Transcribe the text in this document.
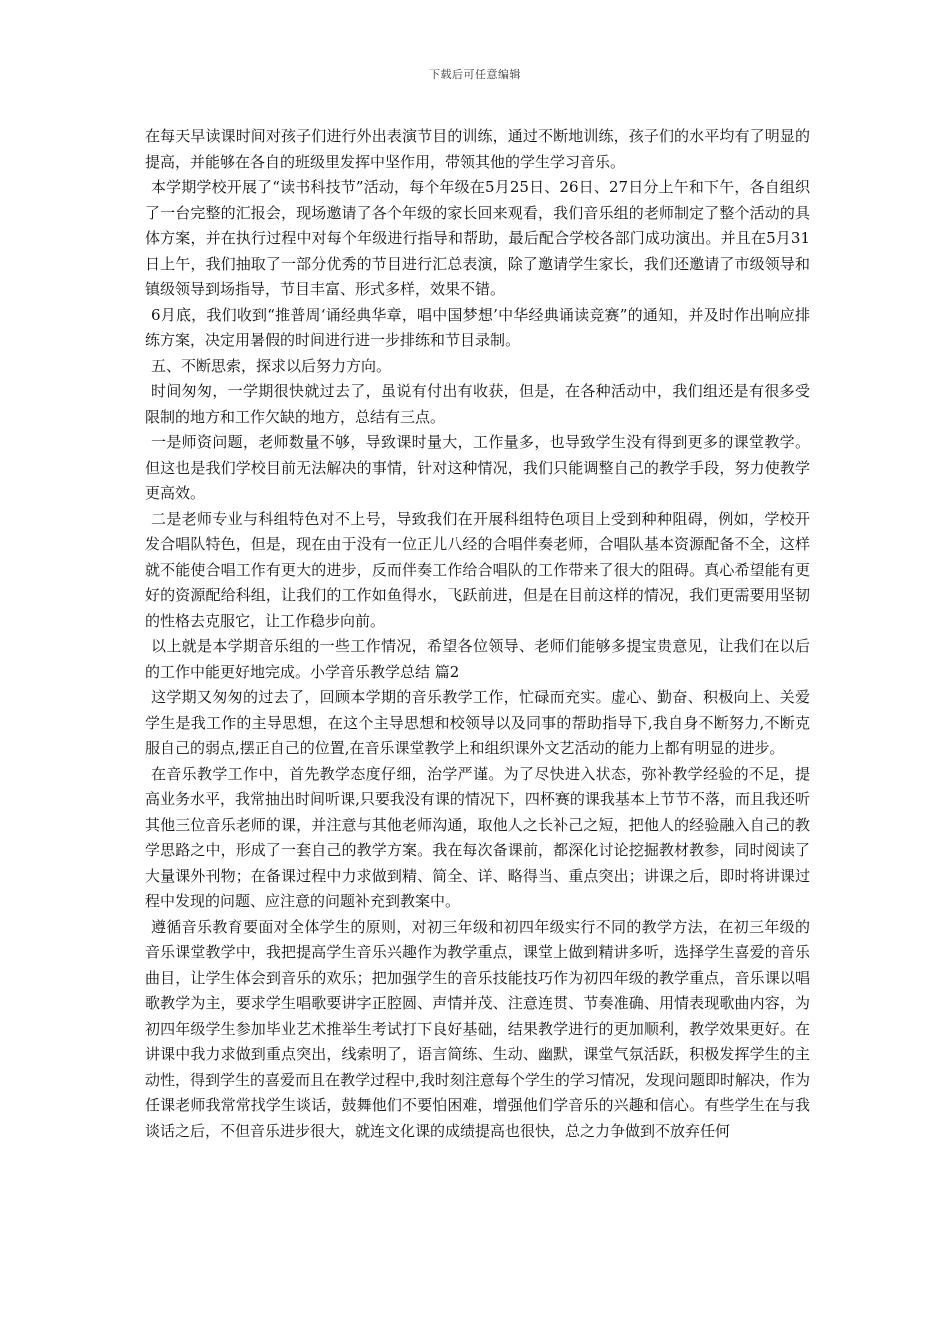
下载后可任意编辑

在每天早读课时间对孩子们进行外出表演节目的训练，通过不断地训练，孩子们的水平均有了明显的提高，并能够在各自的班级里发挥中坚作用，带领其他的学生学习音乐。

本学期学校开展了“读书科技节”活动，每个年级在5月25日、26日、27日分上午和下午，各自组织了一台完整的汇报会，现场邀请了各个年级的家长回来观看，我们音乐组的老师制定了整个活动的具体方案，并在执行过程中对每个年级进行指导和帮助，最后配合学校各部门成功演出。并且在5月31日上午，我们抽取了一部分优秀的节目进行汇总表演，除了邀请学生家长，我们还邀请了市级领导和镇级领导到场指导，节目丰富、形式多样，效果不错。

6月底，我们收到“推普周‘诵经典华章，唱中国梦想’中华经典诵读竞赛”的通知，并及时作出响应排练方案，决定用暑假的时间进行进一步排练和节目录制。

五、不断思索，探求以后努力方向。

时间匆匆，一学期很快就过去了，虽说有付出有收获，但是，在各种活动中，我们组还是有很多受限制的地方和工作欠缺的地方，总结有三点。

一是师资问题，老师数量不够，导致课时量大，工作量多，也导致学生没有得到更多的课堂教学。但这也是我们学校目前无法解决的事情，针对这种情况，我们只能调整自己的教学手段，努力使教学更高效。

二是老师专业与科组特色对不上号，导致我们在开展科组特色项目上受到种种阻碍，例如，学校开发合唱队特色，但是，现在由于没有一位正儿八经的合唱伴奏老师，合唱队基本资源配备不全，这样就不能使合唱工作有更大的进步，反而伴奏工作给合唱队的工作带来了很大的阻碍。真心希望能有更好的资源配给科组，让我们的工作如鱼得水，飞跃前进，但是在目前这样的情况，我们更需要用坚韧的性格去克服它，让工作稳步向前。

以上就是本学期音乐组的一些工作情况，希望各位领导、老师们能够多提宝贵意见，让我们在以后的工作中能更好地完成。小学音乐教学总结 篇2

这学期又匆匆的过去了，回顾本学期的音乐教学工作，忙碌而充实。虚心、勤奋、积极向上、关爱学生是我工作的主导思想，在这个主导思想和校领导以及同事的帮助指导下,我自身不断努力,不断克服自己的弱点,摆正自己的位置,在音乐课堂教学上和组织课外文艺活动的能力上都有明显的进步。

在音乐教学工作中，首先教学态度仔细，治学严谨。为了尽快进入状态，弥补教学经验的不足，提高业务水平，我常抽出时间听课,只要我没有课的情况下，四杯赛的课我基本上节节不落，而且我还听其他三位音乐老师的课，并注意与其他老师沟通，取他人之长补己之短，把他人的经验融入自己的教学思路之中，形成了一套自己的教学方案。我在每次备课前，都深化讨论挖掘教材教参，同时阅读了大量课外刊物；在备课过程中力求做到精、简全、详、略得当、重点突出；讲课之后，即时将讲课过程中发现的问题、应注意的问题补充到教案中。

遵循音乐教育要面对全体学生的原则，对初三年级和初四年级实行不同的教学方法，在初三年级的音乐课堂教学中，我把提高学生音乐兴趣作为教学重点，课堂上做到精讲多听，选择学生喜爱的音乐曲目，让学生体会到音乐的欢乐；把加强学生的音乐技能技巧作为初四年级的教学重点，音乐课以唱歌教学为主，要求学生唱歌要讲字正腔圆、声情并茂、注意连贯、节奏准确、用情表现歌曲内容，为初四年级学生参加毕业艺术推举生考试打下良好基础，结果教学进行的更加顺利，教学效果更好。在讲课中我力求做到重点突出，线索明了，语言简练、生动、幽默，课堂气氛活跃，积极发挥学生的主动性，得到学生的喜爱而且在教学过程中,我时刻注意每个学生的学习情况，发现问题即时解决，作为任课老师我常常找学生谈话，鼓舞他们不要怕困难，增强他们学音乐的兴趣和信心。有些学生在与我谈话之后，不但音乐进步很大，就连文化课的成绩提高也很快，总之力争做到不放弃任何
